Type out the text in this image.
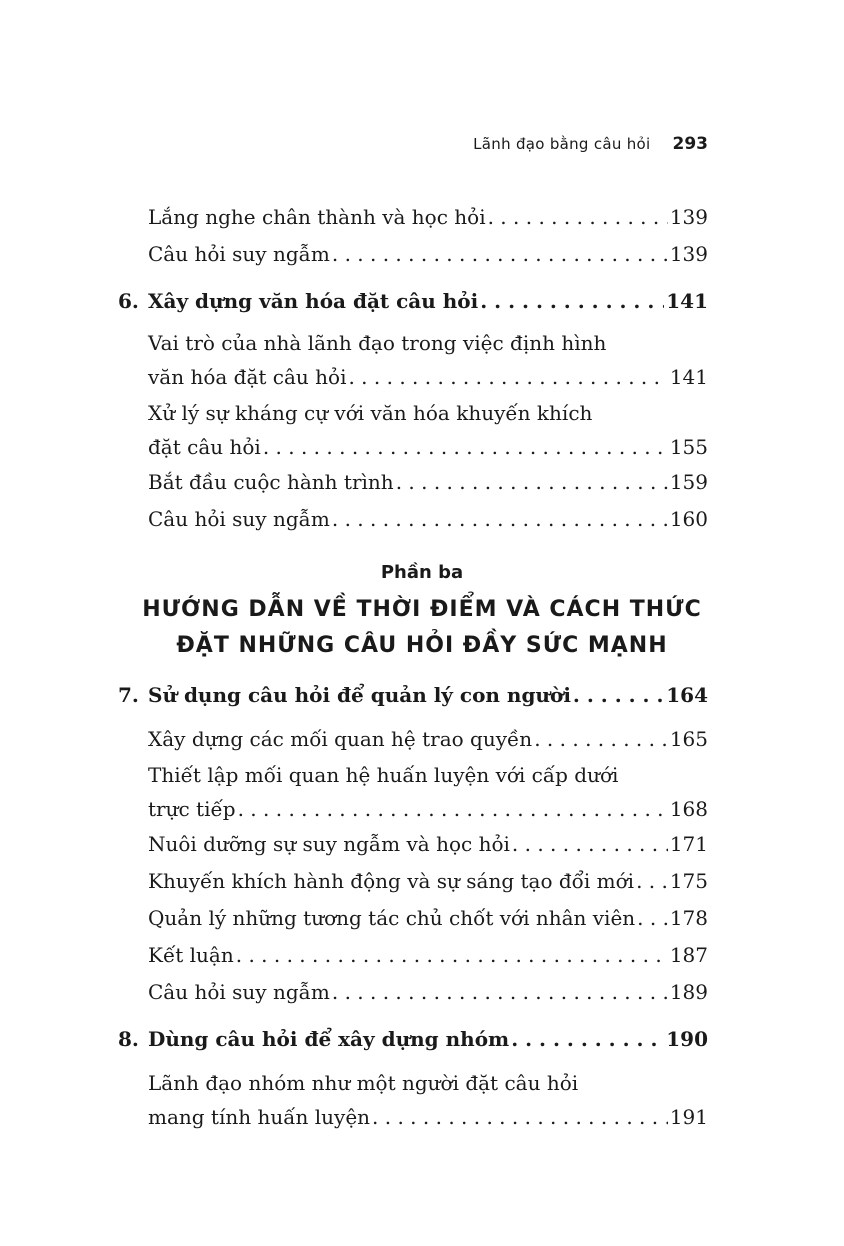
Lãnh đạo bằng câu hỏi 293
Lắng nghe chân thành và học hỏi . . .	139
Câu hỏi suy ngẫm . . .	139
6. Xây dựng văn hóa đặt câu hỏi . . .	141
Vai trò của nhà lãnh đạo trong việc định hình
văn hóa đặt câu hỏi . . .	141
Xử lý sự kháng cự với văn hóa khuyến khích
đặt câu hỏi . . .	155
Bắt đầu cuộc hành trình . . .	159
Câu hỏi suy ngẫm . . .	160
Phần ba
HƯỚNG DẪN VỀ THỜI ĐIỂM VÀ CÁCH THỨC
ĐẶT NHỮNG CÂU HỎI ĐẦY SỨC MẠNH
7. Sử dụng câu hỏi để quản lý con người . . .	164
Xây dựng các mối quan hệ trao quyền . . .	165
Thiết lập mối quan hệ huấn luyện với cấp dưới
trực tiếp . . .	168
Nuôi dưỡng sự suy ngẫm và học hỏi . . .	171
Khuyến khích hành động và sự sáng tạo đổi mới . . . 175
Quản lý những tương tác chủ chốt với nhân viên . . . 178
Kết luận . . .	187
Câu hỏi suy ngẫm . . .	189
8. Dùng câu hỏi để xây dựng nhóm . . .	190
Lãnh đạo nhóm như một người đặt câu hỏi
mang tính huấn luyện . . .	191
